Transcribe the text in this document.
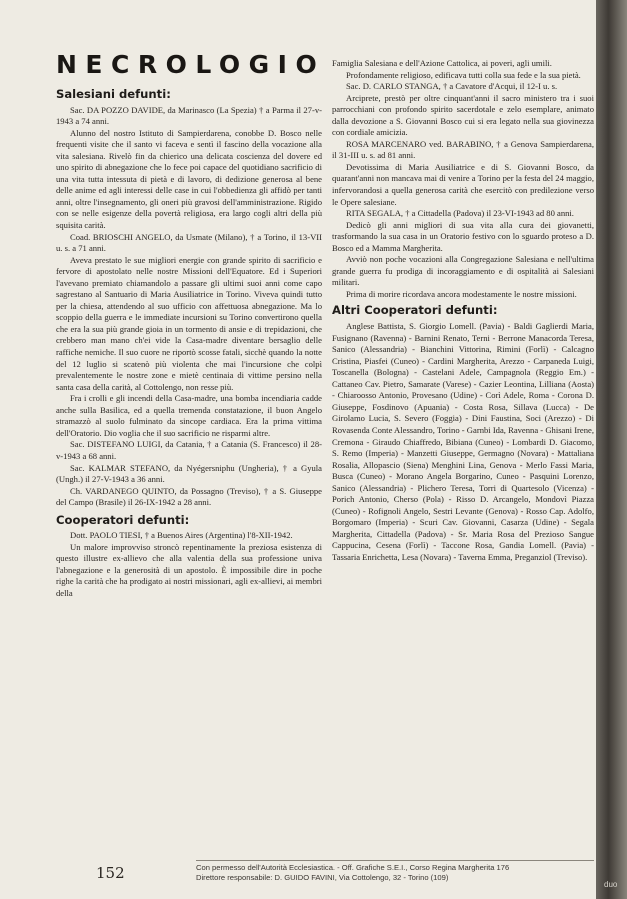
NECROLOGIO
Salesiani defunti:

Sac. DA POZZO DAVIDE, da Marinasco (La Spezia) † a Parma il 27-v-1943 a 74 anni.

Alunno del nostro Istituto di Sampierdarena, conobbe D. Bosco nelle frequenti visite che il santo vi faceva e sentì il fascino della vocazione alla vita salesiana. Rivelò fin da chierico una delicata coscienza del dovere ed uno spirito di abnegazione che lo fece poi capace del quotidiano sacrificio di una vita tutta intessuta di pietà e di lavoro, di dedizione generosa al bene delle anime ed agli interessi delle case in cui l'obbedienza gli affidò per tanti anni, oltre l'insegnamento, gli oneri più gravosi dell'amministrazione. Rigido con se nelle esigenze della povertà religiosa, era largo cogli altri della più squisita carità.

Coad. BRIOSCHI ANGELO, da Usmate (Milano), † a Torino, il 13-VII u. s. a 71 anni.

Aveva prestato le sue migliori energie con grande spirito di sacrificio e fervore di apostolato nelle nostre Missioni dell'Equatore. Ed i Superiori l'avevano premiato chiamandolo a passare gli ultimi suoi anni come capo sagrestano al Santuario di Maria Ausiliatrice in Torino. Viveva quindi tutto per la chiesa, attendendo al suo ufficio con affettuosa abnegazione. Ma lo scoppio della guerra e le immediate incursioni su Torino convertirono quella che era la sua più grande gioia in un tormento di ansie e di trepidazioni, che crebbero man mano ch'ei vide la Casa-madre diventare bersaglio delle raffiche nemiche. Il suo cuore ne riportò scosse fatali, sicchè quando la notte del 12 luglio si scatenò più violenta che mai l'incursione che colpì prevalentemente le nostre zone e mietè centinaia di vittime persino nella santa casa della carità, al Cottolengo, non resse più.

Fra i crolli e gli incendi della Casa-madre, una bomba incendiaria cadde anche sulla Basilica, ed a quella tremenda constatazione, il buon Angelo stramazzò al suolo fulminato da sincope cardiaca. Era la prima vittima dell'Oratorio. Dio voglia che il suo sacrificio ne risparmi altre.

Sac. DISTEFANO LUIGI, da Catania, † a Catania (S. Francesco) il 28-v-1943 a 68 anni.

Sac. KALMAR STEFANO, da Nyégersniphu (Ungheria), † a Gyula (Ungh.) il 27-V-1943 a 36 anni.

Ch. VARDANEGO QUINTO, da Possagno (Treviso), † a S. Giuseppe del Campo (Brasile) il 26-IX-1942 a 28 anni.

Cooperatori defunti:

Dott. PAOLO TIESI, † a Buenos Aires (Argentina) l'8-XII-1942.

Un malore improvviso stroncò repentinamente la preziosa esistenza di questo illustre ex-allievo che alla valentia della sua professione univa l'abnegazione e la generosità di un apostolo. È impossibile dire in poche righe la carità che ha prodigato ai nostri missionari, agli ex-allievi, ai membri della

Famiglia Salesiana e dell'Azione Cattolica, ai poveri, agli umili.

Profondamente religioso, edificava tutti colla sua fede e la sua pietà.

Sac. D. CARLO STANGA, † a Cavatore d'Acqui, il 12-I u. s.

Arciprete, prestò per oltre cinquant'anni il sacro ministero tra i suoi parrocchiani con profondo spirito sacerdotale e zelo esemplare, animato dalla devozione a S. Giovanni Bosco cui si era legato nella sua giovinezza con cordiale amicizia.

ROSA MARCENARO ved. BARABINO, † a Genova Sampierdarena, il 31-III u. s. ad 81 anni.

Devotissima di Maria Ausiliatrice e di S. Giovanni Bosco, da quarant'anni non mancava mai di venire a Torino per la festa del 24 maggio, infervorandosi a quella generosa carità che esercitò con predilezione verso le Opere salesiane.

RITA SEGALA, † a Cittadella (Padova) il 23-VI-1943 ad 80 anni.

Dedicò gli anni migliori di sua vita alla cura dei giovanetti, trasformando la sua casa in un Oratorio festivo con lo sguardo proteso a D. Bosco ed a Mamma Margherita.

Avviò non poche vocazioni alla Congregazione Salesiana e nell'ultima grande guerra fu prodiga di incoraggiamento e di ospitalità ai Salesiani militari.

Prima di morire ricordava ancora modestamente le nostre missioni.

Altri Cooperatori defunti:

Anglese Battista, S. Giorgio Lomell. (Pavia) - Baldi Gaglierdi Maria, Fusignano (Ravenna) - Barnini Renato, Terni - Berrone Manacorda Teresa, Sanico (Alessandria) - Bianchini Vittorina, Rimini (Forlì) - Calcagno Cristina, Piasfei (Cuneo) - Cardini Margherita, Arezzo - Carpaneda Luigi, Toscanella (Bologna) - Castelani Adele, Campagnola (Reggio Em.) - Cattaneo Cav. Pietro, Samarate (Varese) - Cazier Leontina, Lilliana (Aosta) - Chiaroosso Antonio, Provesano (Udine) - Corì Adele, Roma - Corona D. Giuseppe, Fosdinovo (Apuania) - Costa Rosa, Sillava (Lucca) - De Girolamo Lucia, S. Severo (Foggia) - Dini Faustina, Soci (Arezzo) - Di Rovasenda Conte Alessandro, Torino - Garnbi Ida, Ravenna - Ghisani Irene, Cremona - Giraudo Chiaffredo, Bibiana (Cuneo) - Lombardi D. Giacomo, S. Remo (Imperia) - Manzetti Giuseppe, Germagno (Novara) - Mattaliana Rosalia, Allopascio (Siena) Menghini Lina, Genova - Merlo Fassi Maria, Busca (Cuneo) - Morano Angela Borgarino, Cuneo - Pasquini Lorenzo, Sanico (Alessandria) - Plichero Teresa, Torri di Quartesolo (Vicenza) - Porich Antonio, Cherso (Pola) - Risso D. Arcangelo, Mondovì Piazza (Cuneo) - Rofignoli Angelo, Sestri Levante (Genova) - Rosso Cap. Adolfo, Borgomaro (Imperia) - Scuri Cav. Giovanni, Casarza (Udine) - Segala Margherita, Cittadella (Padova) - Sr. Maria Rosa del Prezioso Sangue Cappucina, Cesena (Forlì) - Taccone Rosa, Gandia Lomell. (Pavia) - Tassaria Enrichetta, Lesa (Novara) - Taverna Emma, Preganziol (Treviso).

152	Con permesso dell'Autorità Ecclesiastica. - Off. Grafiche S.E.I., Corso Regina Margherita 176
Direttore responsabile: D. GUIDO FAVINI, Via Cottolengo, 32 - Torino (109)
duo
